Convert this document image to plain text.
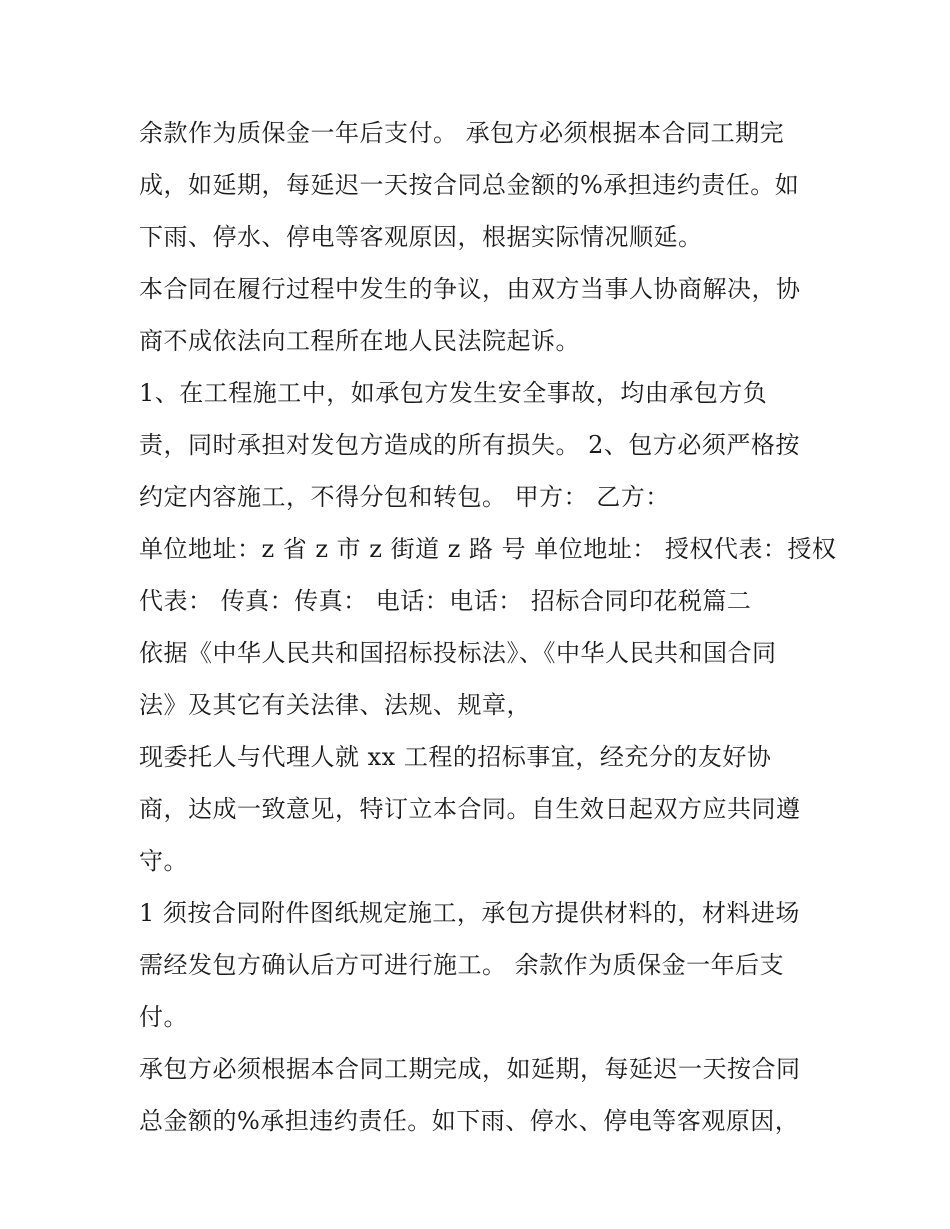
余款作为质保金一年后支付。 承包方必须根据本合同工期完
成，如延期，每延迟一天按合同总金额的%承担违约责任。如
下雨、停水、停电等客观原因，根据实际情况顺延。
本合同在履行过程中发生的争议，由双方当事人协商解决，协
商不成依法向工程所在地人民法院起诉。
1、在工程施工中，如承包方发生安全事故，均由承包方负
责，同时承担对发包方造成的所有损失。 2、包方必须严格按
约定内容施工，不得分包和转包。 甲方： 乙方：
单位地址：z 省 z 市 z 街道 z 路 号 单位地址： 授权代表：授权
代表： 传真：传真： 电话：电话： 招标合同印花税篇二
依据《中华人民共和国招标投标法》、《中华人民共和国合同
法》及其它有关法律、法规、规章，
现委托人与代理人就 xx 工程的招标事宜，经充分的友好协
商，达成一致意见，特订立本合同。自生效日起双方应共同遵
守。
1 须按合同附件图纸规定施工，承包方提供材料的，材料进场
需经发包方确认后方可进行施工。 余款作为质保金一年后支
付。
承包方必须根据本合同工期完成，如延期，每延迟一天按合同
总金额的%承担违约责任。如下雨、停水、停电等客观原因，
